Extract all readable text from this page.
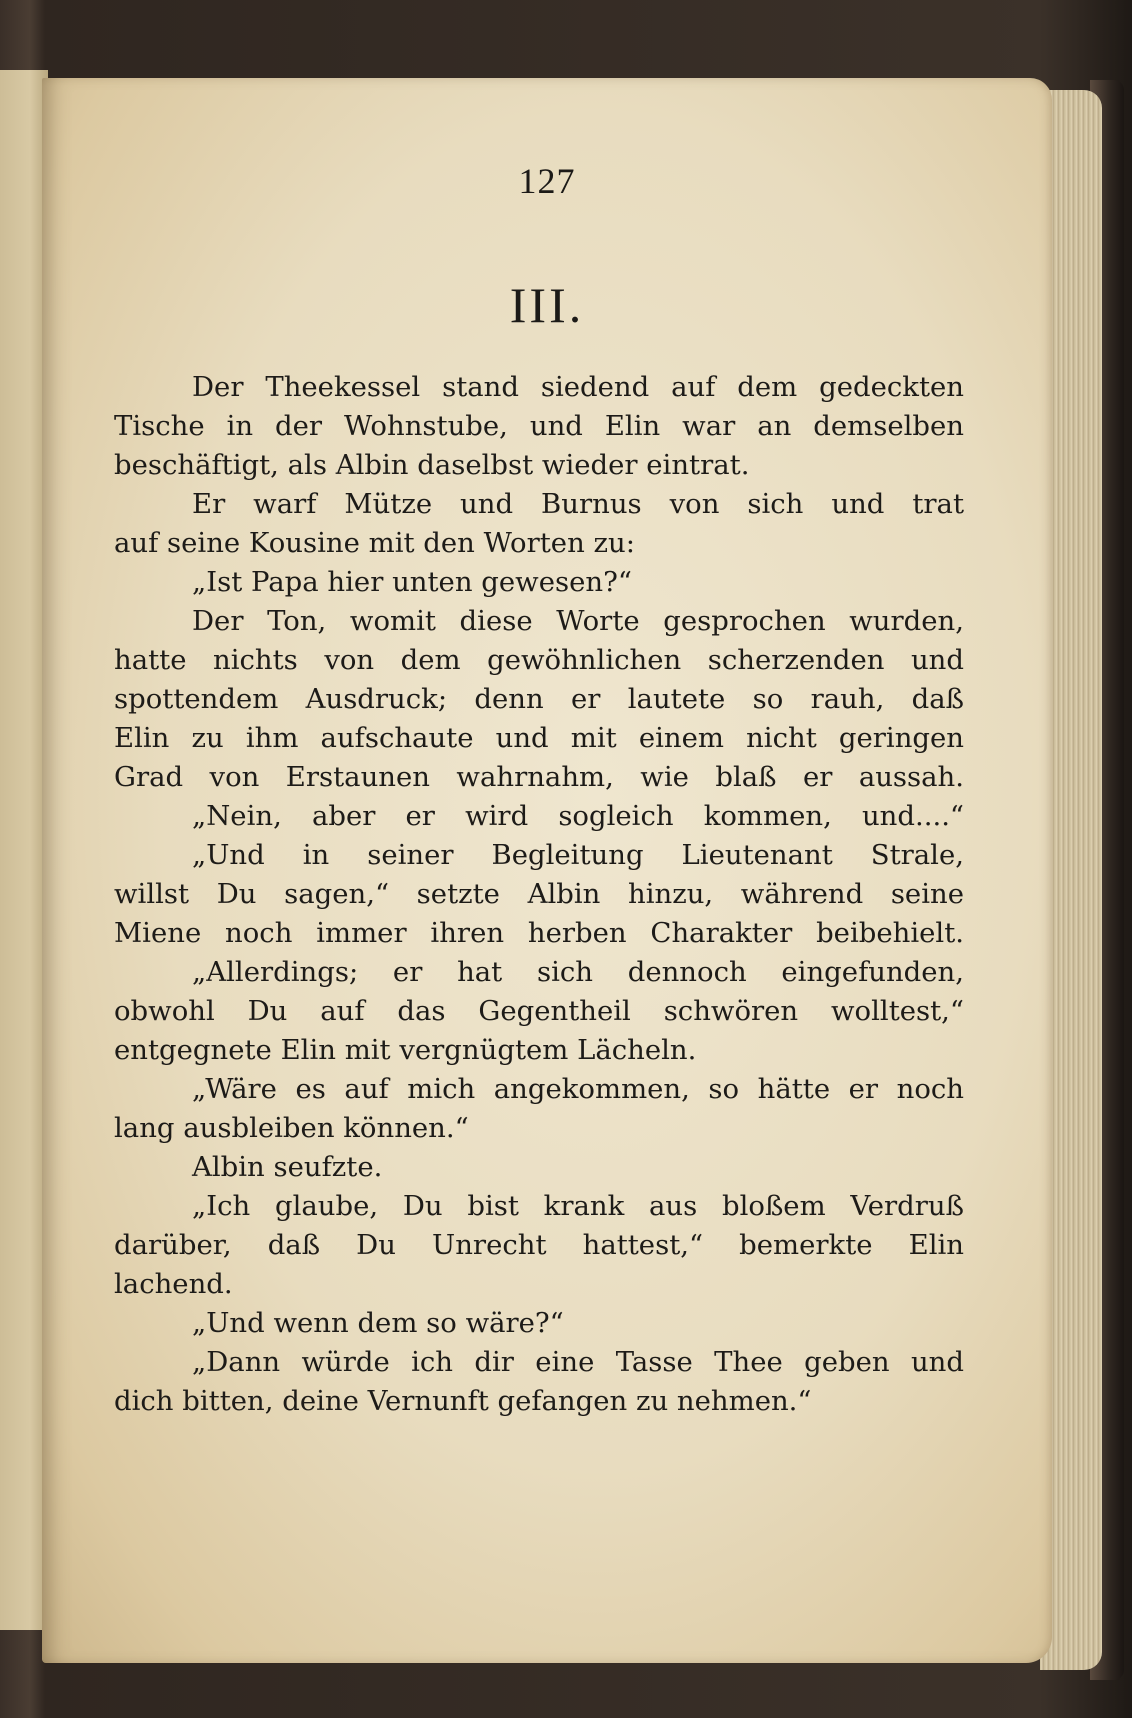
127
III.
Der Theekessel stand siedend auf dem gedeckten
Tische in der Wohnstube, und Elin war an demselben
beschäftigt, als Albin daselbst wieder eintrat.
Er warf Mütze und Burnus von sich und trat
auf seine Kousine mit den Worten zu:
„Ist Papa hier unten gewesen?“
Der Ton, womit diese Worte gesprochen wurden,
hatte nichts von dem gewöhnlichen scherzenden und
spottendem Ausdruck; denn er lautete so rauh, daß
Elin zu ihm aufschaute und mit einem nicht geringen
Grad von Erstaunen wahrnahm, wie blaß er aussah.
„Nein, aber er wird sogleich kommen, und....“
„Und in seiner Begleitung Lieutenant Strale,
willst Du sagen,“ setzte Albin hinzu, während seine
Miene noch immer ihren herben Charakter beibehielt.
„Allerdings; er hat sich dennoch eingefunden,
obwohl Du auf das Gegentheil schwören wolltest,“
entgegnete Elin mit vergnügtem Lächeln.
„Wäre es auf mich angekommen, so hätte er noch
lang ausbleiben können.“
Albin seufzte.
„Ich glaube, Du bist krank aus bloßem Verdruß
darüber, daß Du Unrecht hattest,“ bemerkte Elin
lachend.
„Und wenn dem so wäre?“
„Dann würde ich dir eine Tasse Thee geben und
dich bitten, deine Vernunft gefangen zu nehmen.“
